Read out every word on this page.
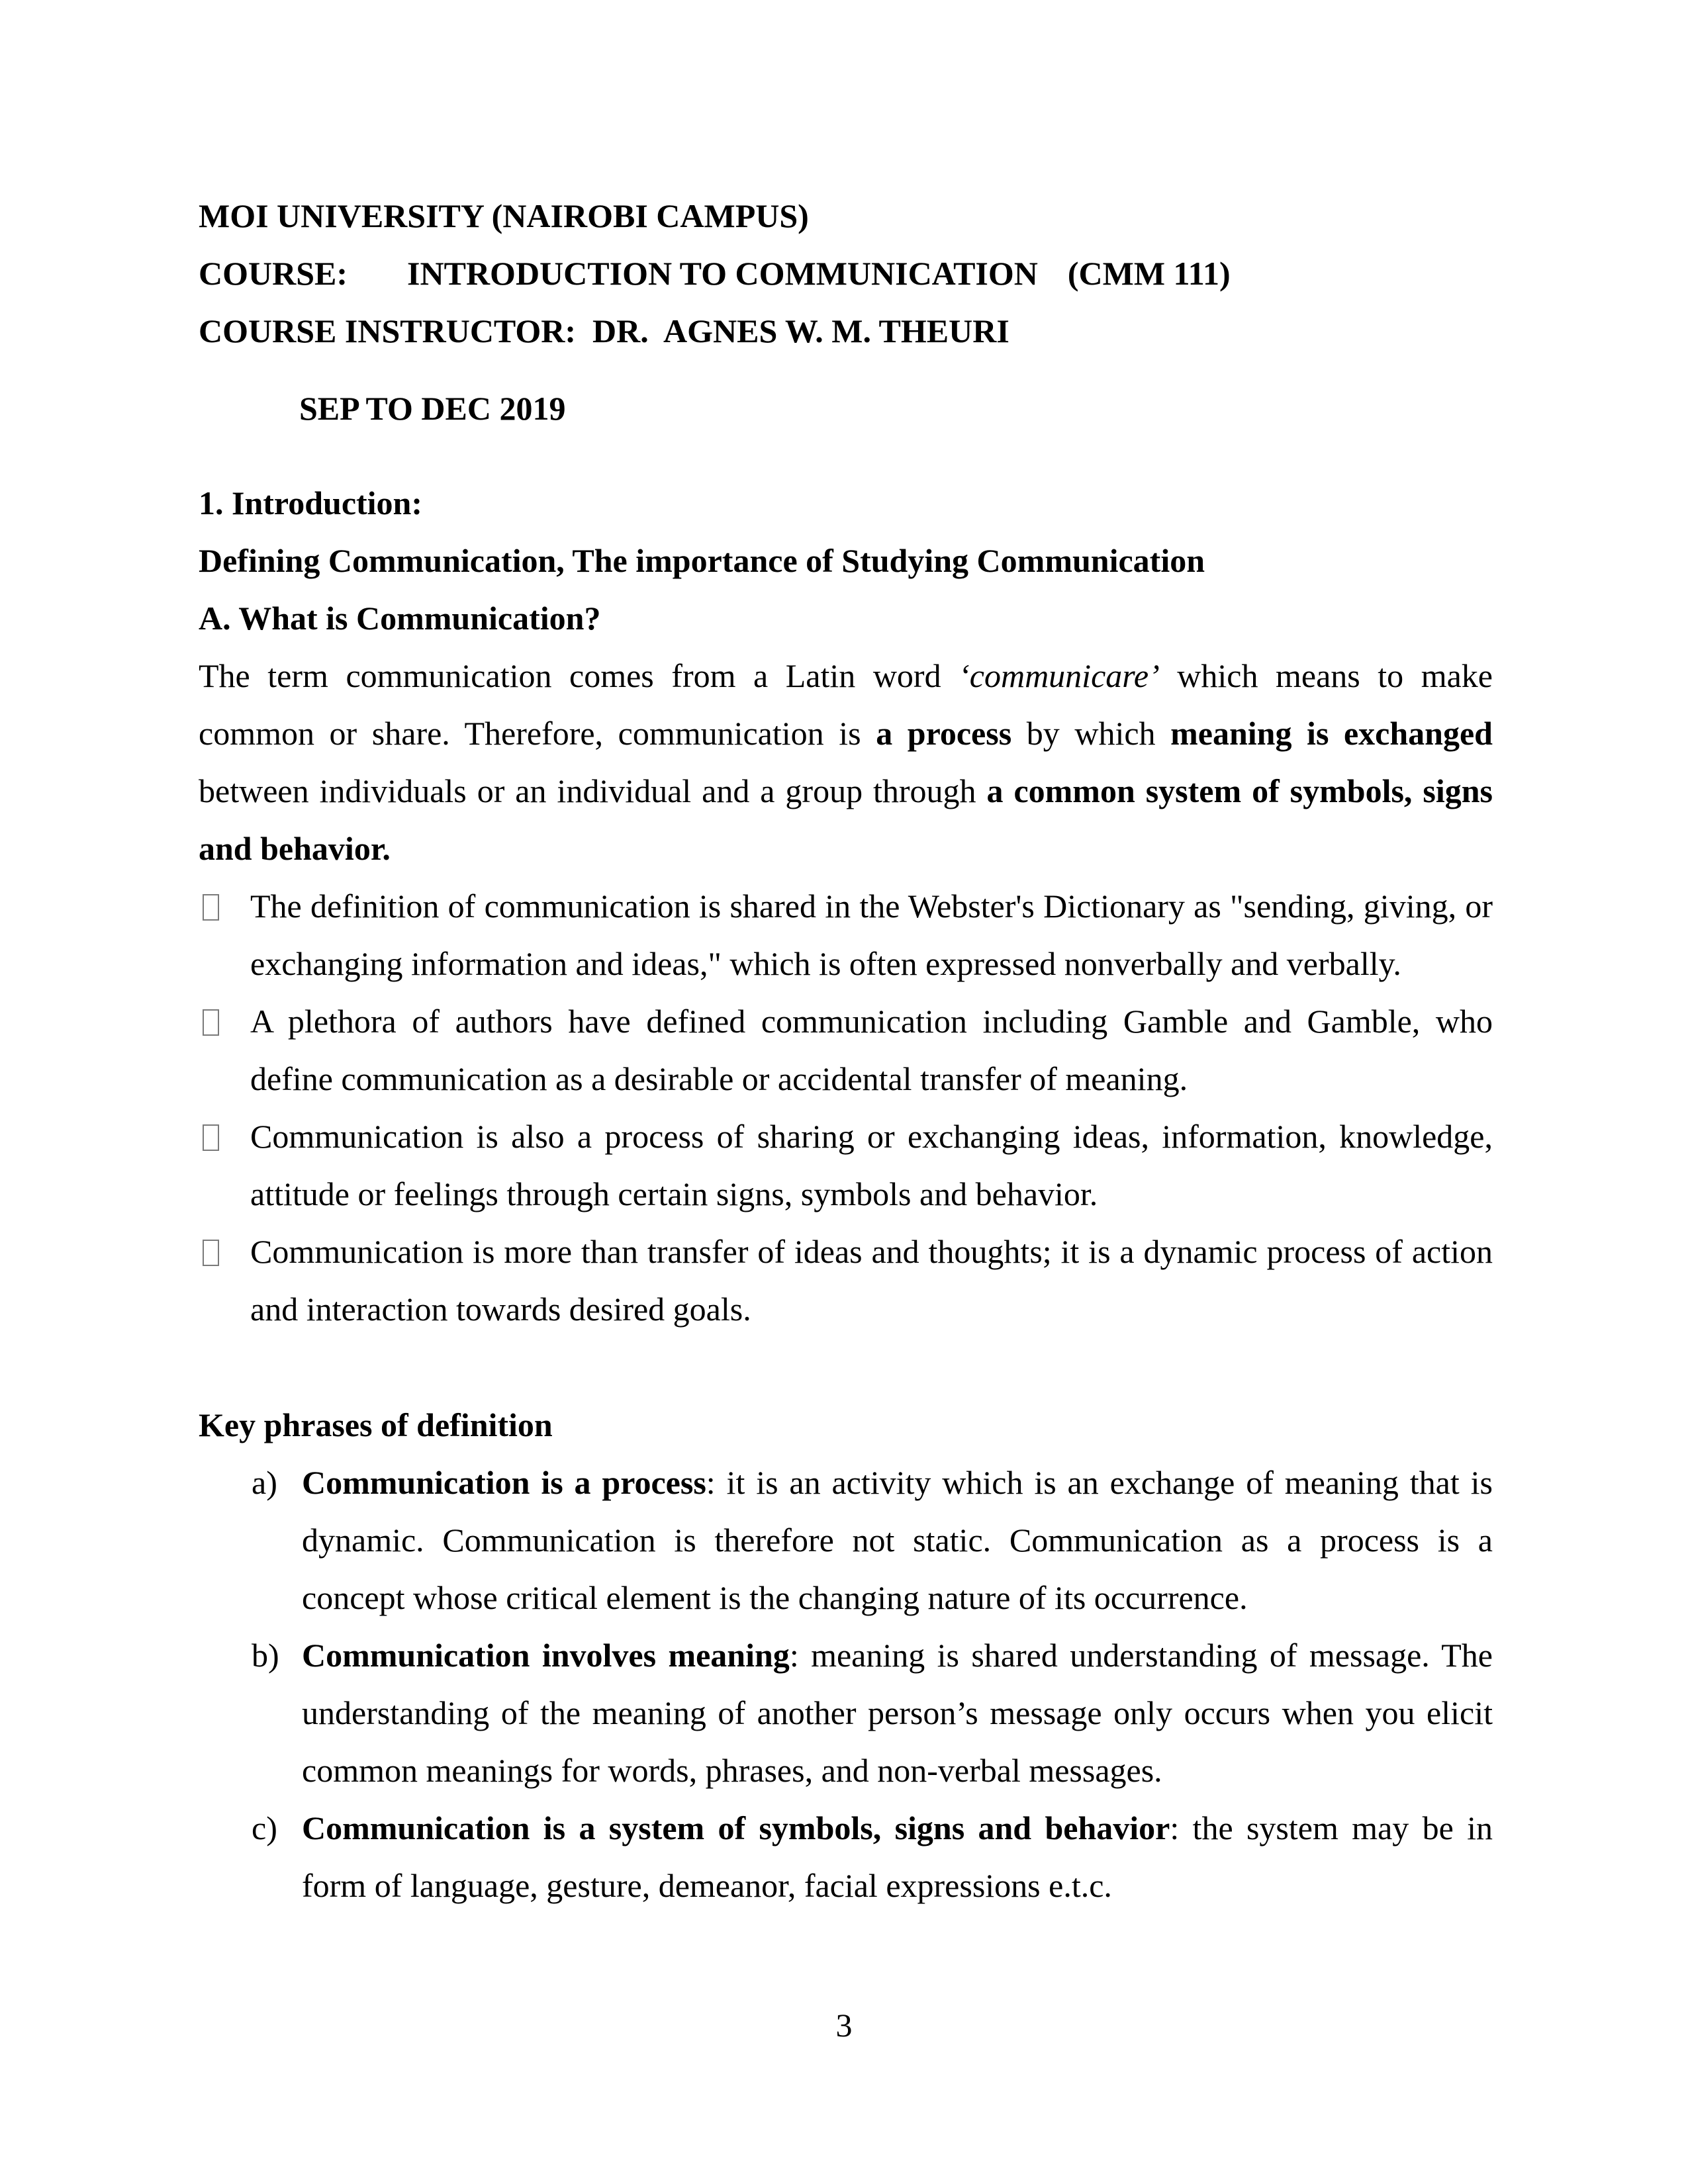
MOI UNIVERSITY (NAIROBI CAMPUS)

COURSE: INTRODUCTION TO COMMUNICATION (CMM 111)

COURSE INSTRUCTOR: DR.  AGNES W. M. THEURI

SEP TO DEC 2019

1. Introduction:

Defining Communication, The importance of Studying Communication

A. What is Communication?

The term communication comes from a Latin word ‘communicare’ which means to make common or share. Therefore, communication is a process by which meaning is exchanged between individuals or an individual and a group through a common system of symbols, signs and behavior.

The definition of communication is shared in the Webster's Dictionary as "sending, giving, or exchanging information and ideas," which is often expressed nonverbally and verbally.
A plethora of authors have defined communication including Gamble and Gamble, who define communication as a desirable or accidental transfer of meaning.
Communication is also a process of sharing or exchanging ideas, information, knowledge, attitude or feelings through certain signs, symbols and behavior.
Communication is more than transfer of ideas and thoughts; it is a dynamic process of action and interaction towards desired goals.

Key phrases of definition

a) Communication is a process: it is an activity which is an exchange of meaning that is dynamic. Communication is therefore not static. Communication as a process is a concept whose critical element is the changing nature of its occurrence.
b) Communication involves meaning: meaning is shared understanding of message. The understanding of the meaning of another person’s message only occurs when you elicit common meanings for words, phrases, and non-verbal messages.
c) Communication is a system of symbols, signs and behavior: the system may be in form of language, gesture, demeanor, facial expressions e.t.c.
3
